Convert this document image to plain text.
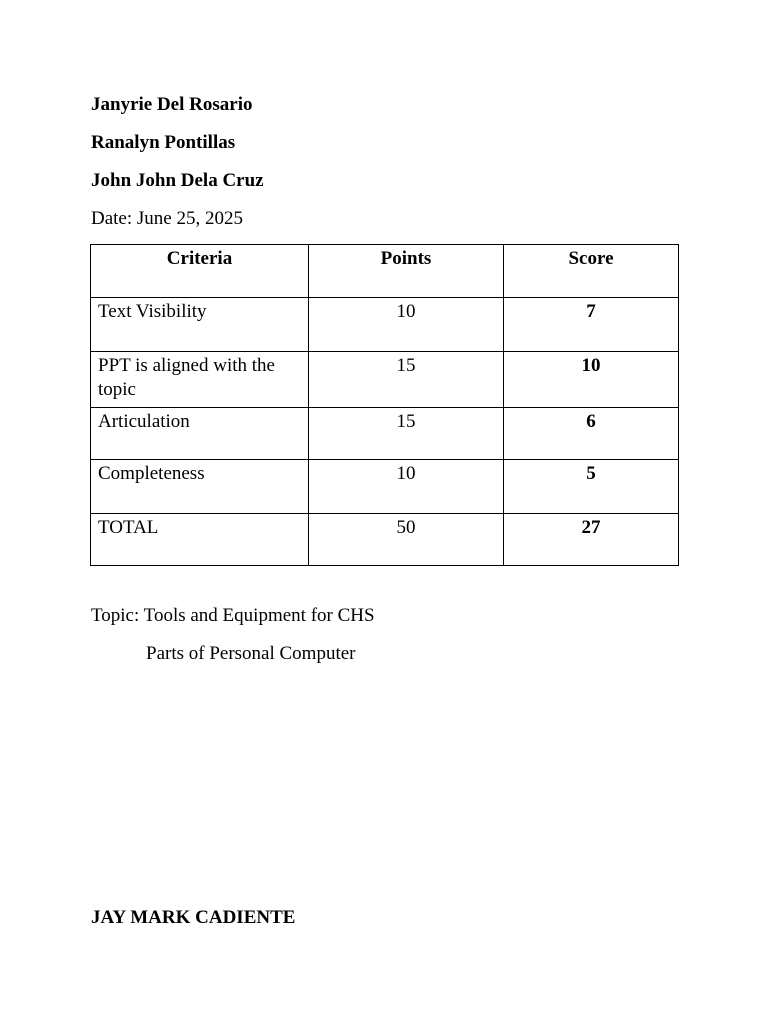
Janyrie Del Rosario
Ranalyn Pontillas
John John Dela Cruz
Date: June 25, 2025
Criteria	Points	Score
Text Visibility	10	7
PPT is aligned with the topic	15	10
Articulation	15	6
Completeness	10	5
TOTAL	50	27
Topic: Tools and Equipment for CHS
Parts of Personal Computer
JAY MARK CADIENTE
